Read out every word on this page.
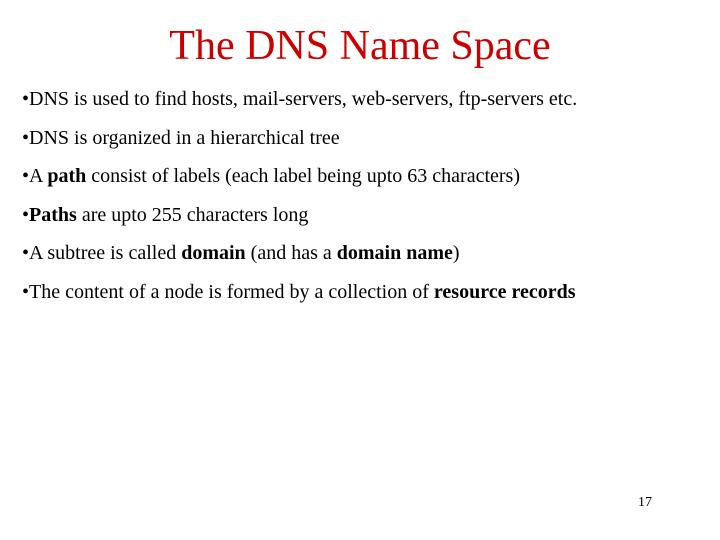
The DNS Name Space
•DNS is used to find hosts, mail-servers, web-servers, ftp-servers etc.
•DNS is organized in a hierarchical tree
•A path consist of labels (each label being upto 63 characters)
•Paths are upto 255 characters long
•A subtree is called domain (and has a domain name)
•The content of a node is formed by a collection of resource records
17
